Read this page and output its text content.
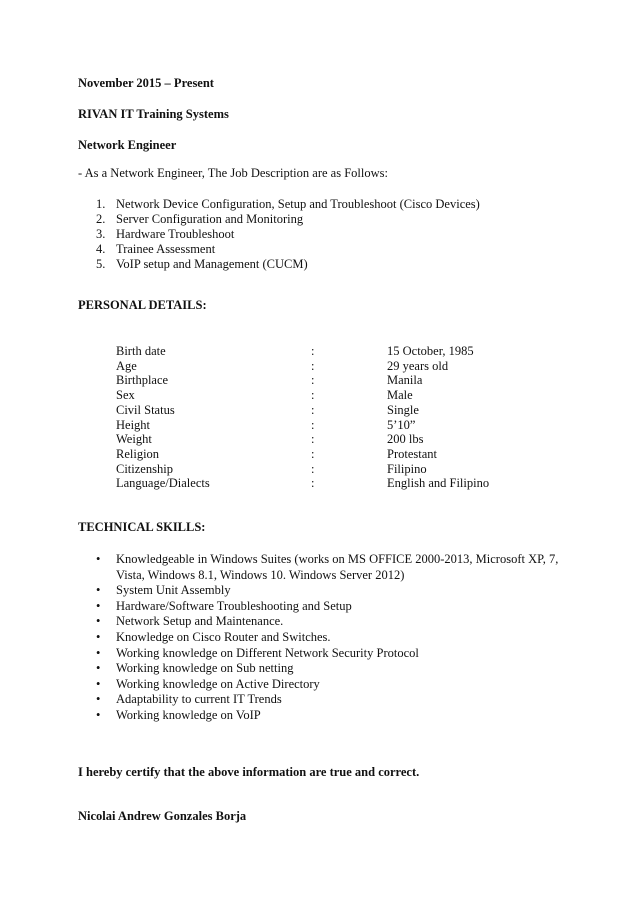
November 2015 – Present
RIVAN IT Training Systems
Network Engineer
- As a Network Engineer, The Job Description are as Follows:
1. Network Device Configuration, Setup and Troubleshoot (Cisco Devices)
2. Server Configuration and Monitoring
3. Hardware Troubleshoot
4. Trainee Assessment
5. VoIP setup and Management (CUCM)
PERSONAL DETAILS:
Birth date	:	15 October, 1985
Age	:	29 years old
Birthplace	:	Manila
Sex	:	Male
Civil Status	:	Single
Height	:	5’10”
Weight	:	200 lbs
Religion	:	Protestant
Citizenship	:	Filipino
Language/Dialects	:	English and Filipino
TECHNICAL SKILLS:
•	Knowledgeable in Windows Suites (works on MS OFFICE 2000-2013, Microsoft XP, 7, Vista, Windows 8.1, Windows 10. Windows Server 2012)
•	System Unit Assembly
•	Hardware/Software Troubleshooting and Setup
•	Network Setup and Maintenance.
•	Knowledge on Cisco Router and Switches.
•	Working knowledge on Different Network Security Protocol
•	Working knowledge on Sub netting
•	Working knowledge on Active Directory
•	Adaptability to current IT Trends
•	Working knowledge on VoIP
I hereby certify that the above information are true and correct.
Nicolai Andrew Gonzales Borja
